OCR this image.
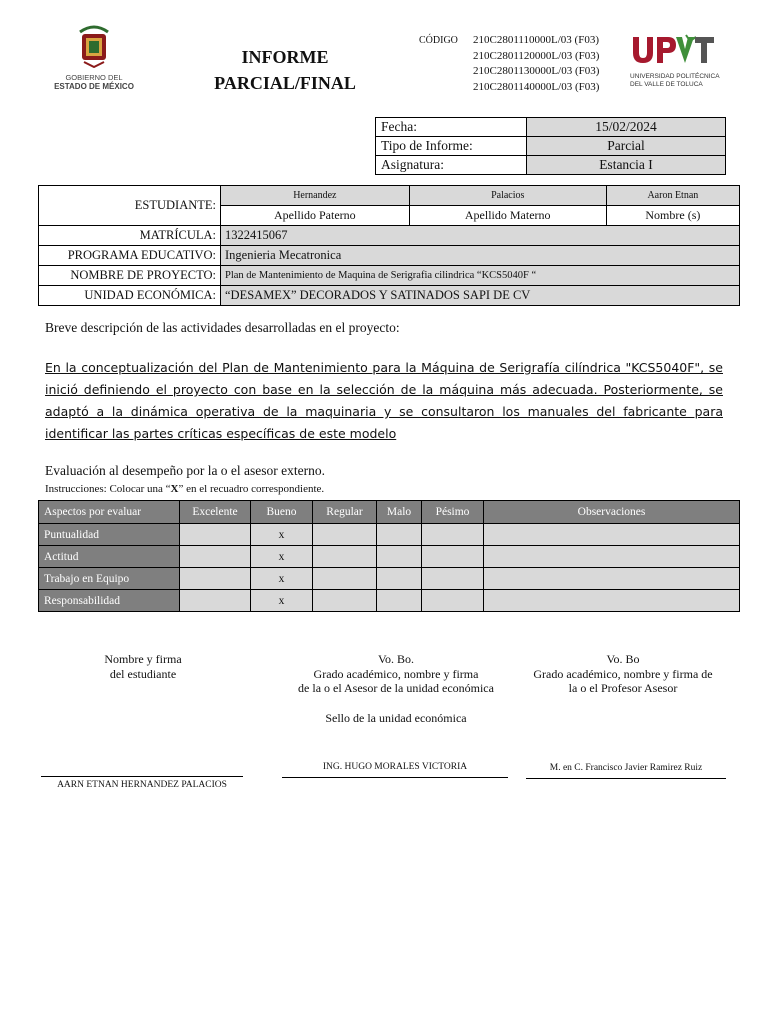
GOBIERNO DEL
ESTADO DE MÉXICO
INFORME
PARCIAL/FINAL
CÓDIGO 210C2801110000L/03 (F03)
210C2801120000L/03 (F03)
210C2801130000L/03 (F03)
210C2801140000L/03 (F03)
UNIVERSIDAD POLITÉCNICA
DEL VALLE DE TOLUCA
Fecha:	15/02/2024
Tipo de Informe:	Parcial
Asignatura:	Estancia I
ESTUDIANTE:	Hernandez	Palacios	Aaron Etnan
	Apellido Paterno	Apellido Materno	Nombre (s)
MATRÍCULA:	1322415067		
PROGRAMA EDUCATIVO:	Ingenieria Mecatronica		
NOMBRE DE PROYECTO:	Plan de Mantenimiento de Maquina de Serigrafia cilindrica “KCS5040F “		
UNIDAD ECONÓMICA:	“DESAMEX” DECORADOS Y SATINADOS SAPI DE CV		
Breve descripción de las actividades desarrolladas en el proyecto:
En la conceptualización del Plan de Mantenimiento para la Máquina de Serigrafía cilíndrica "KCS5040F", se inició definiendo el proyecto con base en la selección de la máquina más adecuada. Posteriormente, se adaptó a la dinámica operativa de la maquinaria y se consultaron los manuales del fabricante para identificar las partes críticas específicas de este modelo
Evaluación al desempeño por la o el asesor externo.
Instrucciones: Colocar una “X” en el recuadro correspondiente.
Aspectos por evaluar	Excelente	Bueno	Regular	Malo	Pésimo	Observaciones
Puntualidad		x				
Actitud		x				
Trabajo en Equipo		x				
Responsabilidad		x				
Nombre y firma
del estudiante
Vo. Bo.
Grado académico, nombre y firma
de la o el Asesor de la unidad económica
Sello de la unidad económica
Vo. Bo
Grado académico, nombre y firma de
la o el Profesor Asesor
ING. HUGO MORALES VICTORIA	M. en C. Francisco Javier Ramirez Ruiz
AARN ETNAN HERNANDEZ PALACIOS
